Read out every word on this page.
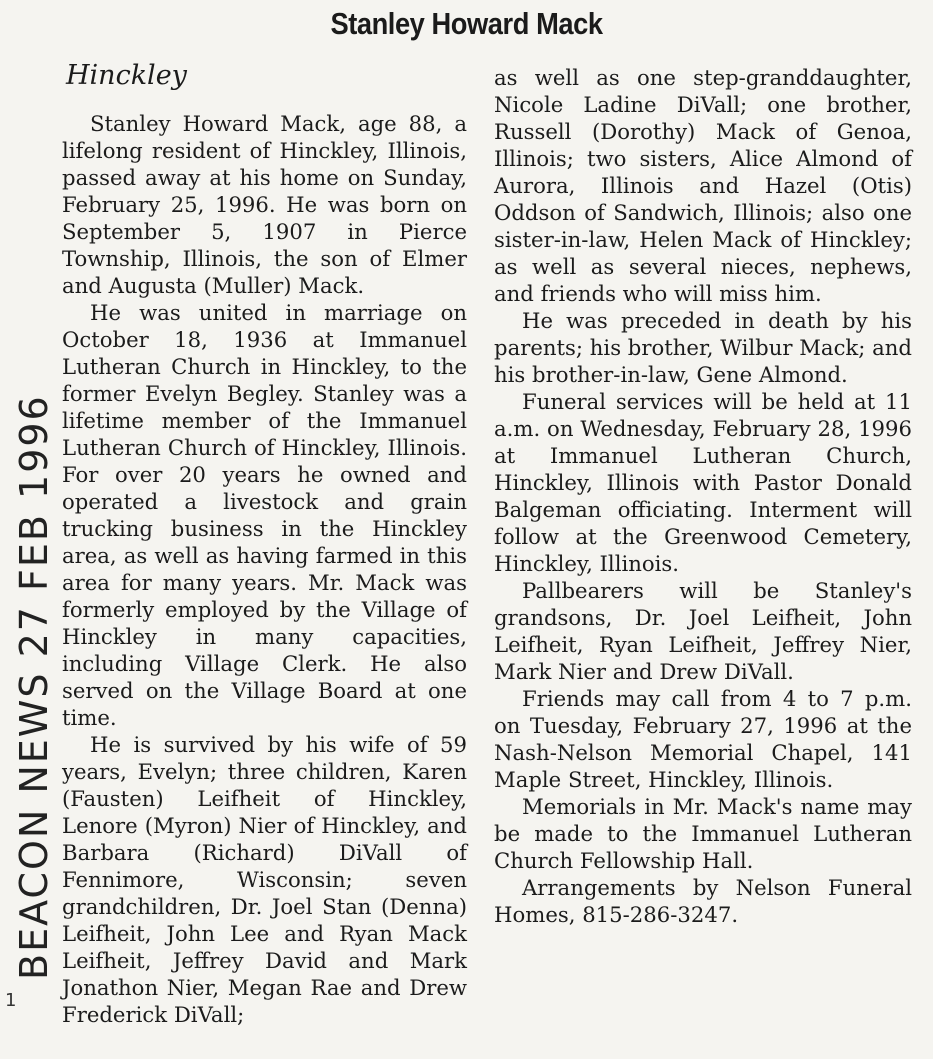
Stanley Howard Mack
Hinckley

Stanley Howard Mack, age 88, a lifelong resident of Hinckley, Illinois, passed away at his home on Sunday, February 25, 1996. He was born on September 5, 1907 in Pierce Township, Illinois, the son of Elmer and Augusta (Muller) Mack.

He was united in marriage on October 18, 1936 at Immanuel Lutheran Church in Hinckley, to the former Evelyn Begley. Stanley was a lifetime member of the Immanuel Lutheran Church of Hinckley, Illinois. For over 20 years he owned and operated a livestock and grain trucking business in the Hinckley area, as well as having farmed in this area for many years. Mr. Mack was formerly employed by the Village of Hinckley in many capacities, including Village Clerk. He also served on the Village Board at one time.

He is survived by his wife of 59 years, Evelyn; three children, Karen (Fausten) Leifheit of Hinckley, Lenore (Myron) Nier of Hinckley, and Barbara (Richard) DiVall of Fennimore, Wisconsin; seven grandchildren, Dr. Joel Stan (Denna) Leifheit, John Lee and Ryan Mack Leifheit, Jeffrey David and Mark Jonathon Nier, Megan Rae and Drew Frederick DiVall;

as well as one step-granddaughter, Nicole Ladine DiVall; one brother, Russell (Dorothy) Mack of Genoa, Illinois; two sisters, Alice Almond of Aurora, Illinois and Hazel (Otis) Oddson of Sandwich, Illinois; also one sister-in-law, Helen Mack of Hinckley; as well as several nieces, nephews, and friends who will miss him.

He was preceded in death by his parents; his brother, Wilbur Mack; and his brother-in-law, Gene Almond.

Funeral services will be held at 11 a.m. on Wednesday, February 28, 1996 at Immanuel Lutheran Church, Hinckley, Illinois with Pastor Donald Balgeman officiating. Interment will follow at the Greenwood Cemetery, Hinckley, Illinois.

Pallbearers will be Stanley's grandsons, Dr. Joel Leifheit, John Leifheit, Ryan Leifheit, Jeffrey Nier, Mark Nier and Drew DiVall.

Friends may call from 4 to 7 p.m. on Tuesday, February 27, 1996 at the Nash-Nelson Memorial Chapel, 141 Maple Street, Hinckley, Illinois.

Memorials in Mr. Mack's name may be made to the Immanuel Lutheran Church Fellowship Hall.

Arrangements by Nelson Funeral Homes, 815-286-3247.

BEACON NEWS 27 FEB 1996
1
